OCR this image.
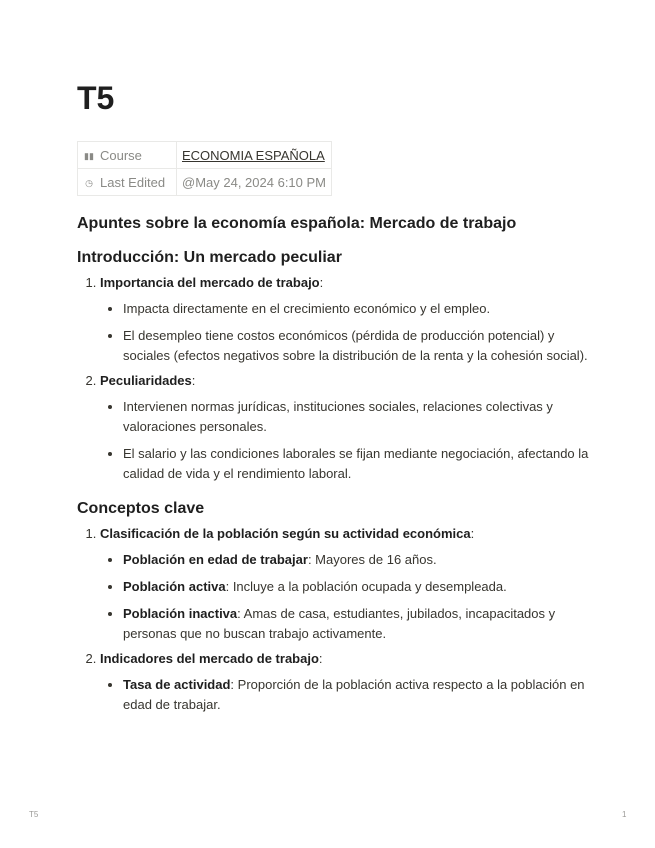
T5
▮▮ Course	ECONOMIA ESPAÑOLA
◷ Last Edited	@May 24, 2024 6:10 PM
Apuntes sobre la economía española: Mercado de trabajo
Introducción: Un mercado peculiar
1. Importancia del mercado de trabajo:
• Impacta directamente en el crecimiento económico y el empleo.
• El desempleo tiene costos económicos (pérdida de producción potencial) y sociales (efectos negativos sobre la distribución de la renta y la cohesión social).
2. Peculiaridades:
• Intervienen normas jurídicas, instituciones sociales, relaciones colectivas y valoraciones personales.
• El salario y las condiciones laborales se fijan mediante negociación, afectando la calidad de vida y el rendimiento laboral.
Conceptos clave
1. Clasificación de la población según su actividad económica:
• Población en edad de trabajar: Mayores de 16 años.
• Población activa: Incluye a la población ocupada y desempleada.
• Población inactiva: Amas de casa, estudiantes, jubilados, incapacitados y personas que no buscan trabajo activamente.
2. Indicadores del mercado de trabajo:
• Tasa de actividad: Proporción de la población activa respecto a la población en edad de trabajar.
T5	1
